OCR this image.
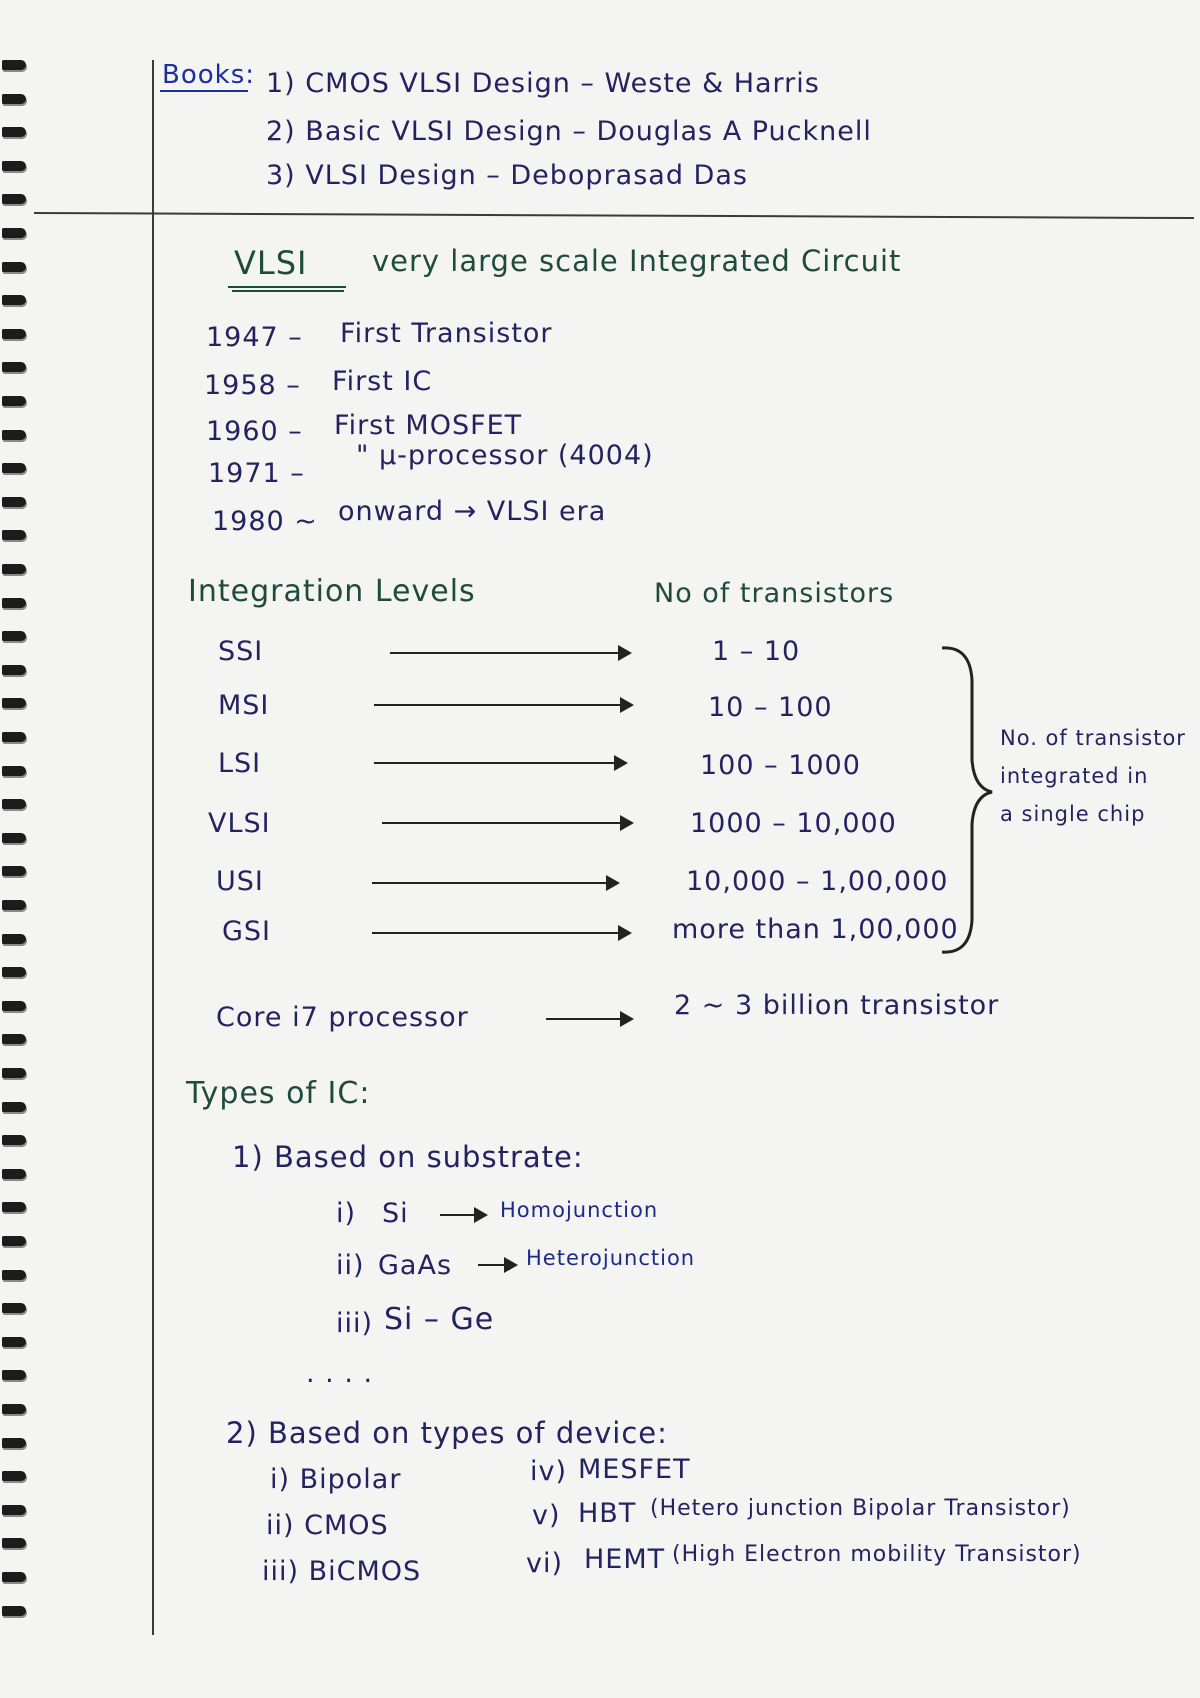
Books: 1) CMOS VLSI Design – Weste & Harris
2) Basic VLSI Design – Douglas A Pucknell
3) VLSI Design – Deboprasad Das
VLSI very large scale Integrated Circuit
1947 – First Transistor
1958 – First IC
1960 – First MOSFET
1971 –
" µ-processor (4004)
1980 ~ onward → VLSI era
Integration Levels	No of transistors
SSI	1 – 10
MSI	10 – 100
LSI	100 – 1000
VLSI	1000 – 10,000
USI	10,000 – 1,00,000
GSI	more than 1,00,000
No. of transistor
integrated in
a single chip
Core i7 processor	2 ~ 3 billion transistor
Types of IC:
1) Based on substrate:
i) Si	Homojunction
ii) GaAs	Heterojunction
iii) Si – Ge
. . . .
2) Based on types of device:
i) Bipolar
ii) CMOS
iii) BiCMOS
iv) MESFET
v) HBT (Hetero junction Bipolar Transistor)
vi) HEMT (High Electron mobility Transistor)
